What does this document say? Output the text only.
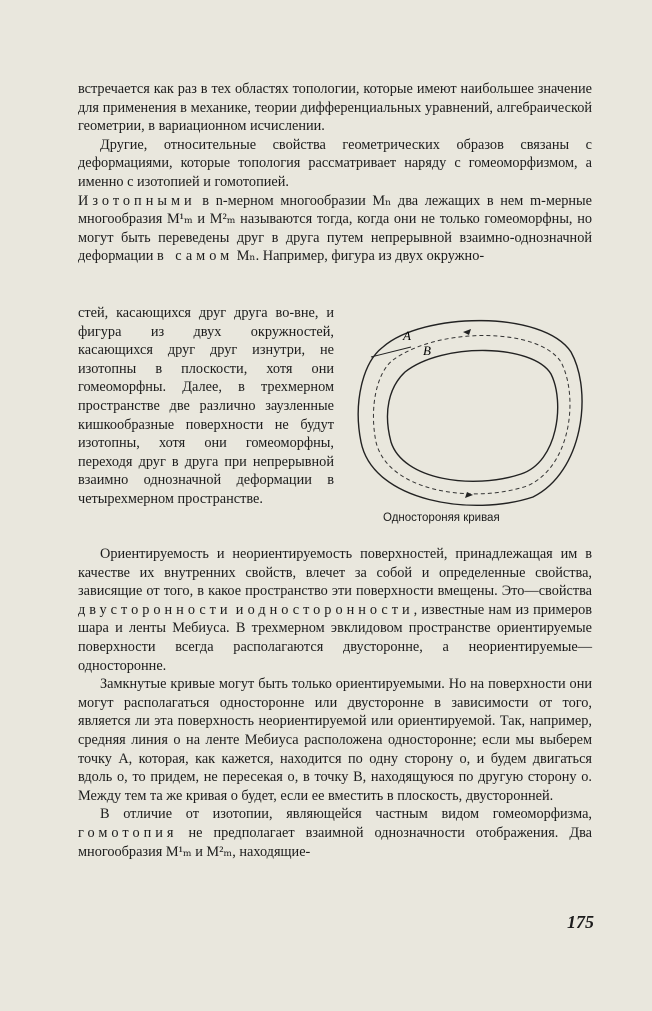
встречается как раз в тех областях топологии, которые имеют наибольшее значение для применения в механике, теории дифференциальных уравнений, алгебраической геометрии, в вариационном исчислении.

Другие, относительные свойства геометрических образов связаны с деформациями, которые топология рассматривает наряду с гомеоморфизмом, а именно с изотопией и гомотопией.

Изотопными в n-мерном многообразии Mₙ два лежащих в нем m-мерные многообразия M¹ₘ и M²ₘ называются тогда, когда они не только гомеоморфны, но могут быть переведены друг в друга путем непрерывной взаимно-однозначной деформации в самом Mₙ. Например, фигура из двух окружно-

стей, касающихся друг друга во-вне, и фигура из двух окружностей, касающихся друг друг изнутри, не изотопны в плоскости, хотя они гомеоморфны. Далее, в трехмерном пространстве две различно заузленные кишкообразные поверхности не будут изотопны, хотя они гомеоморфны, переходя друг в друга при непрерывной взаимно однозначной деформации в четырехмерном пространстве.

A
B
Одностороняя кривая

Ориентируемость и неориентируемость поверхностей, принадлежащая им в качестве их внутренних свойств, влечет за собой и определенные свойства, зависящие от того, в какое пространство эти поверхности вмещены. Это—свойства двусторонности и односторонности, известные нам из примеров шара и ленты Мебиуса. В трехмерном эвклидовом пространстве ориентируемые поверхности всегда располагаются двусторонне, а неориентируемые—односторонне.

Замкнутые кривые могут быть только ориентируемыми. Но на поверхности они могут располагаться односторонне или двусторонне в зависимости от того, является ли эта поверхность неориентируемой или ориентируемой. Так, например, средняя линия o на ленте Мебиуса расположена односторонне; если мы выберем точку A, которая, как кажется, находится по одну сторону o, и будем двигаться вдоль o, то придем, не пересекая o, в точку B, находящуюся по другую сторону o. Между тем та же кривая o будет, если ее вместить в плоскость, двусторонней.

В отличие от изотопии, являющейся частным видом гомеоморфизма, гомотопия не предполагает взаимной однозначности отображения. Два многообразия M¹ₘ и M²ₘ, находящие-

175
